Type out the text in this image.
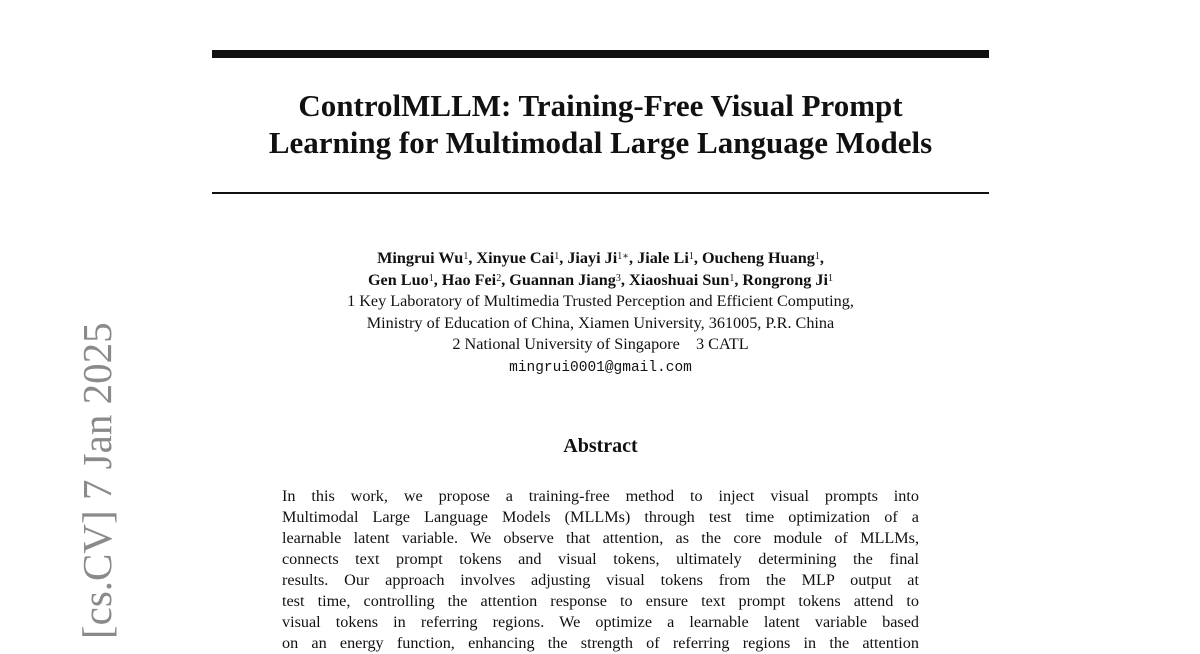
ControlMLLM: Training-Free Visual Prompt
Learning for Multimodal Large Language Models
Mingrui Wu$^1$, Xinyue Cai$^1$, Jiayi $Ji^{1∗}$, Jiale Li$^1$, Oucheng Huang$^1$,
Gen Luo$^1$, Hao Fei$^2$, Guannan Jiang$^3$, Xiaoshuai Sun$^1$, Rongrong Ji$^1$
1 Key Laboratory of Multimedia Trusted Perception and Efficient Computing,
Ministry of Education of China, Xiamen University, 361005, P.R. China
2 National University of Singapore 3 CATL
mingrui0001@gmail.com
Abstract
In this work, we propose a training-free method to inject visual prompts into
Multimodal Large Language Models (MLLMs) through test time optimization of a
learnable latent variable. We observe that attention, as the core module of MLLMs,
connects text prompt tokens and visual tokens, ultimately determining the final
results. Our approach involves adjusting visual tokens from the MLP output at
test time, controlling the attention response to ensure text prompt tokens attend to
visual tokens in referring regions. We optimize a learnable latent variable based
on an energy function, enhancing the strength of referring regions in the attention
[cs.CV] 7 Jan 2025
